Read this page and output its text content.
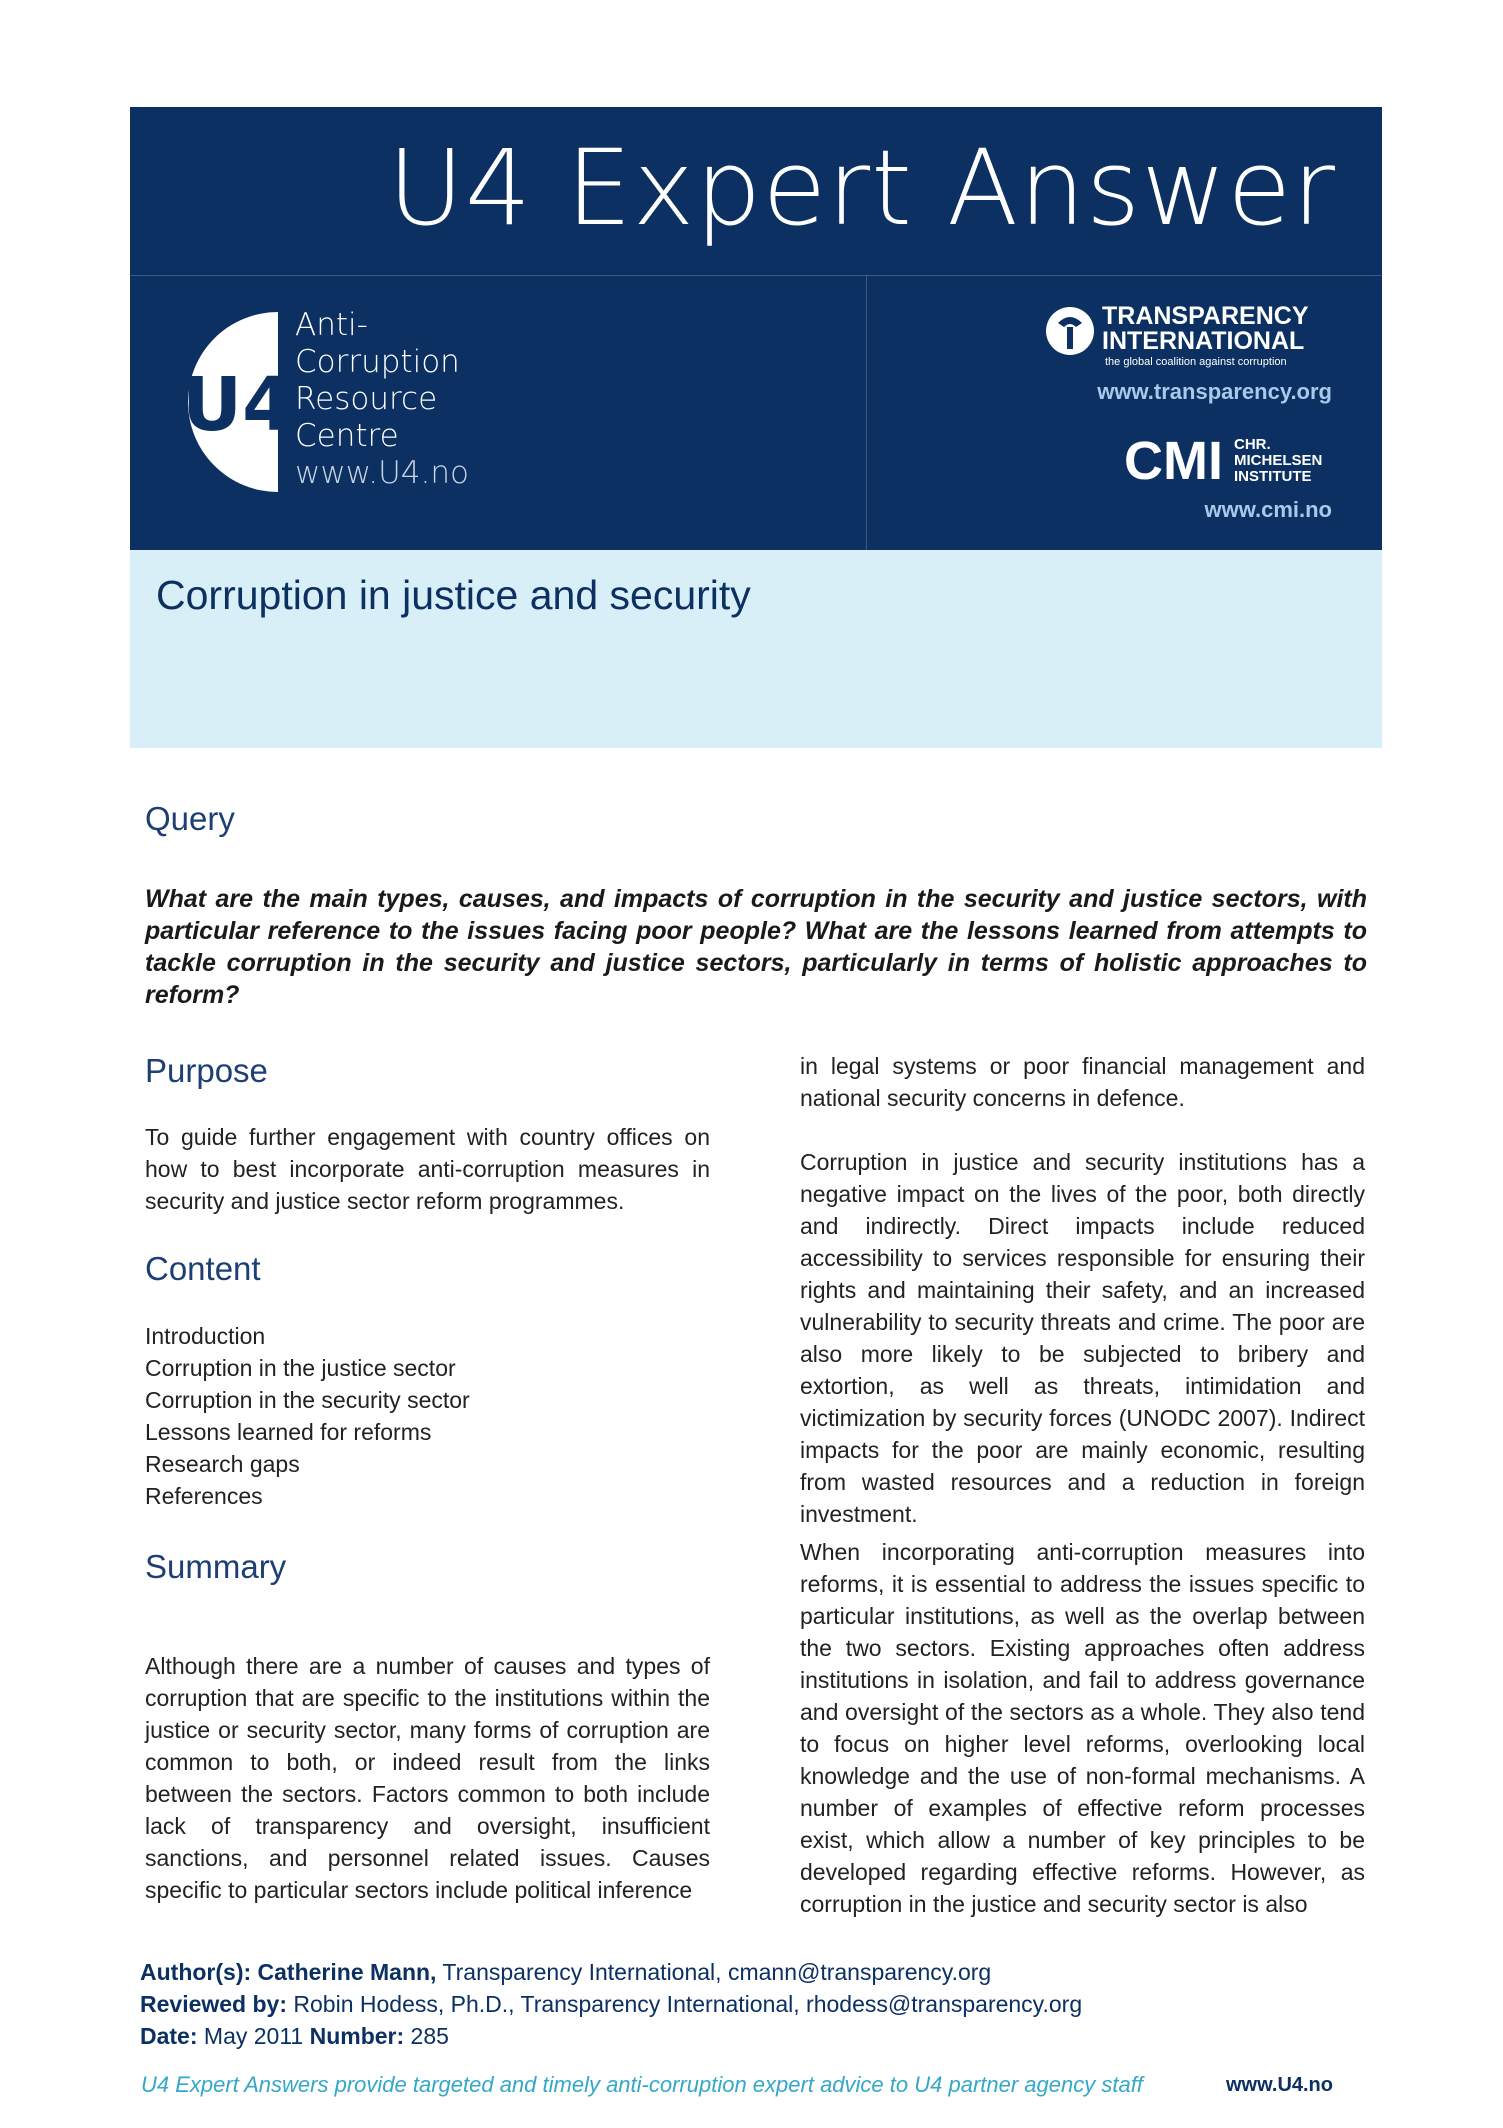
U4 Expert Answer
U4
Anti-
Corruption
Resource
Centre
www.U4.no
TRANSPARENCY
INTERNATIONAL
the global coalition against corruption
www.transparency.org
CMI CHR.
MICHELSEN
INSTITUTE
www.cmi.no
Corruption in justice and security
Query
What are the main types, causes, and impacts of corruption in the security and justice sectors, with particular reference to the issues facing poor people? What are the lessons learned from attempts to tackle corruption in the security and justice sectors, particularly in terms of holistic approaches to reform?
Purpose
To guide further engagement with country offices on how to best incorporate anti-corruption measures in security and justice sector reform programmes.
Content
Introduction
Corruption in the justice sector
Corruption in the security sector
Lessons learned for reforms
Research gaps
References
Summary
Although there are a number of causes and types of corruption that are specific to the institutions within the justice or security sector, many forms of corruption are common to both, or indeed result from the links between the sectors. Factors common to both include lack of transparency and oversight, insufficient sanctions, and personnel related issues. Causes specific to particular sectors include political inference
in legal systems or poor financial management and national security concerns in defence.
Corruption in justice and security institutions has a negative impact on the lives of the poor, both directly and indirectly. Direct impacts include reduced accessibility to services responsible for ensuring their rights and maintaining their safety, and an increased vulnerability to security threats and crime. The poor are also more likely to be subjected to bribery and extortion, as well as threats, intimidation and victimization by security forces (UNODC 2007). Indirect impacts for the poor are mainly economic, resulting from wasted resources and a reduction in foreign investment.
When incorporating anti-corruption measures into reforms, it is essential to address the issues specific to particular institutions, as well as the overlap between the two sectors. Existing approaches often address institutions in isolation, and fail to address governance and oversight of the sectors as a whole. They also tend to focus on higher level reforms, overlooking local knowledge and the use of non-formal mechanisms. A number of examples of effective reform processes exist, which allow a number of key principles to be developed regarding effective reforms. However, as corruption in the justice and security sector is also
Author(s): Catherine Mann, Transparency International, cmann@transparency.org
Reviewed by: Robin Hodess, Ph.D., Transparency International, rhodess@transparency.org
Date: May 2011 Number: 285
U4 Expert Answers provide targeted and timely anti-corruption expert advice to U4 partner agency staff	www.U4.no
